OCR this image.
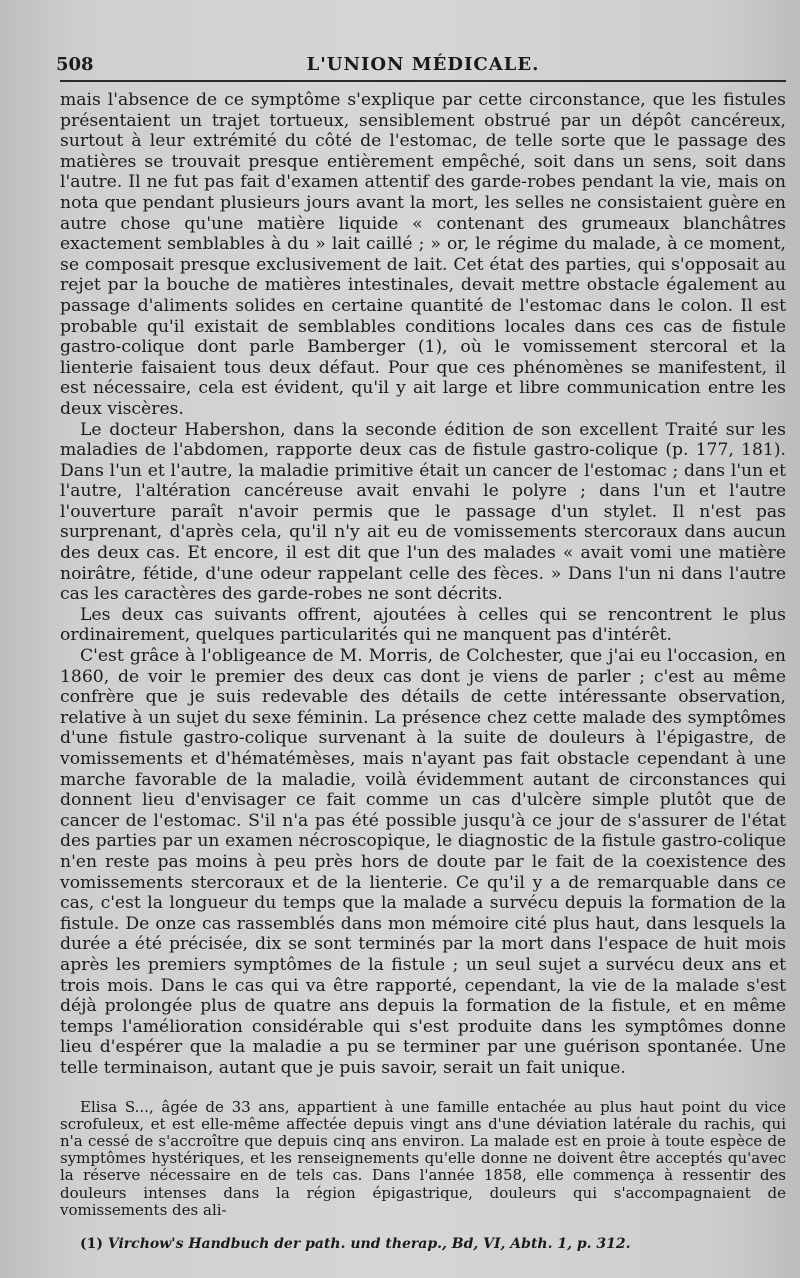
508	L'UNION MÉDICALE.

mais l'absence de ce symptôme s'explique par cette circonstance, que les fistules présentaient un trajet tortueux, sensiblement obstrué par un dépôt cancéreux, surtout à leur extrémité du côté de l'estomac, de telle sorte que le passage des matières se trouvait presque entièrement empêché, soit dans un sens, soit dans l'autre. Il ne fut pas fait d'examen attentif des garde-robes pendant la vie, mais on nota que pendant plusieurs jours avant la mort, les selles ne consistaient guère en autre chose qu'une matière liquide « contenant des grumeaux blanchâtres exactement semblables à du » lait caillé ; » or, le régime du malade, à ce moment, se composait presque exclusivement de lait. Cet état des parties, qui s'opposait au rejet par la bouche de matières intestinales, devait mettre obstacle également au passage d'aliments solides en certaine quantité de l'estomac dans le colon. Il est probable qu'il existait de semblables conditions locales dans ces cas de fistule gastro-colique dont parle Bamberger (1), où le vomissement stercoral et la lienterie faisaient tous deux défaut. Pour que ces phénomènes se manifestent, il est nécessaire, cela est évident, qu'il y ait large et libre communication entre les deux viscères.

Le docteur Habershon, dans la seconde édition de son excellent Traité sur les maladies de l'abdomen, rapporte deux cas de fistule gastro-colique (p. 177, 181). Dans l'un et l'autre, la maladie primitive était un cancer de l'estomac ; dans l'un et l'autre, l'altération cancéreuse avait envahi le polyre ; dans l'un et l'autre l'ouverture paraît n'avoir permis que le passage d'un stylet. Il n'est pas surprenant, d'après cela, qu'il n'y ait eu de vomissements stercoraux dans aucun des deux cas. Et encore, il est dit que l'un des malades « avait vomi une matière noirâtre, fétide, d'une odeur rappelant celle des fèces. » Dans l'un ni dans l'autre cas les caractères des garde-robes ne sont décrits.

Les deux cas suivants offrent, ajoutées à celles qui se rencontrent le plus ordinairement, quelques particularités qui ne manquent pas d'intérêt.

C'est grâce à l'obligeance de M. Morris, de Colchester, que j'ai eu l'occasion, en 1860, de voir le premier des deux cas dont je viens de parler ; c'est au même confrère que je suis redevable des détails de cette intéressante observation, relative à un sujet du sexe féminin. La présence chez cette malade des symptômes d'une fistule gastro-colique survenant à la suite de douleurs à l'épigastre, de vomissements et d'hématémèses, mais n'ayant pas fait obstacle cependant à une marche favorable de la maladie, voilà évidemment autant de circonstances qui donnent lieu d'envisager ce fait comme un cas d'ulcère simple plutôt que de cancer de l'estomac. S'il n'a pas été possible jusqu'à ce jour de s'assurer de l'état des parties par un examen nécroscopique, le diagnostic de la fistule gastro-colique n'en reste pas moins à peu près hors de doute par le fait de la coexistence des vomissements stercoraux et de la lienterie. Ce qu'il y a de remarquable dans ce cas, c'est la longueur du temps que la malade a survécu depuis la formation de la fistule. De onze cas rassemblés dans mon mémoire cité plus haut, dans lesquels la durée a été précisée, dix se sont terminés par la mort dans l'espace de huit mois après les premiers symptômes de la fistule ; un seul sujet a survécu deux ans et trois mois. Dans le cas qui va être rapporté, cependant, la vie de la malade s'est déjà prolongée plus de quatre ans depuis la formation de la fistule, et en même temps l'amélioration considérable qui s'est produite dans les symptômes donne lieu d'espérer que la maladie a pu se terminer par une guérison spontanée. Une telle terminaison, autant que je puis savoir, serait un fait unique.

Elisa S..., âgée de 33 ans, appartient à une famille entachée au plus haut point du vice scrofuleux, et est elle-même affectée depuis vingt ans d'une déviation latérale du rachis, qui n'a cessé de s'accroître que depuis cinq ans environ. La malade est en proie à toute espèce de symptômes hystériques, et les renseignements qu'elle donne ne doivent être acceptés qu'avec la réserve nécessaire en de tels cas. Dans l'année 1858, elle commença à ressentir des douleurs intenses dans la région épigastrique, douleurs qui s'accompagnaient de vomissements des ali-

(1) Virchow's Handbuch der path. und therap., Bd, VI, Abth. 1, p. 312.
